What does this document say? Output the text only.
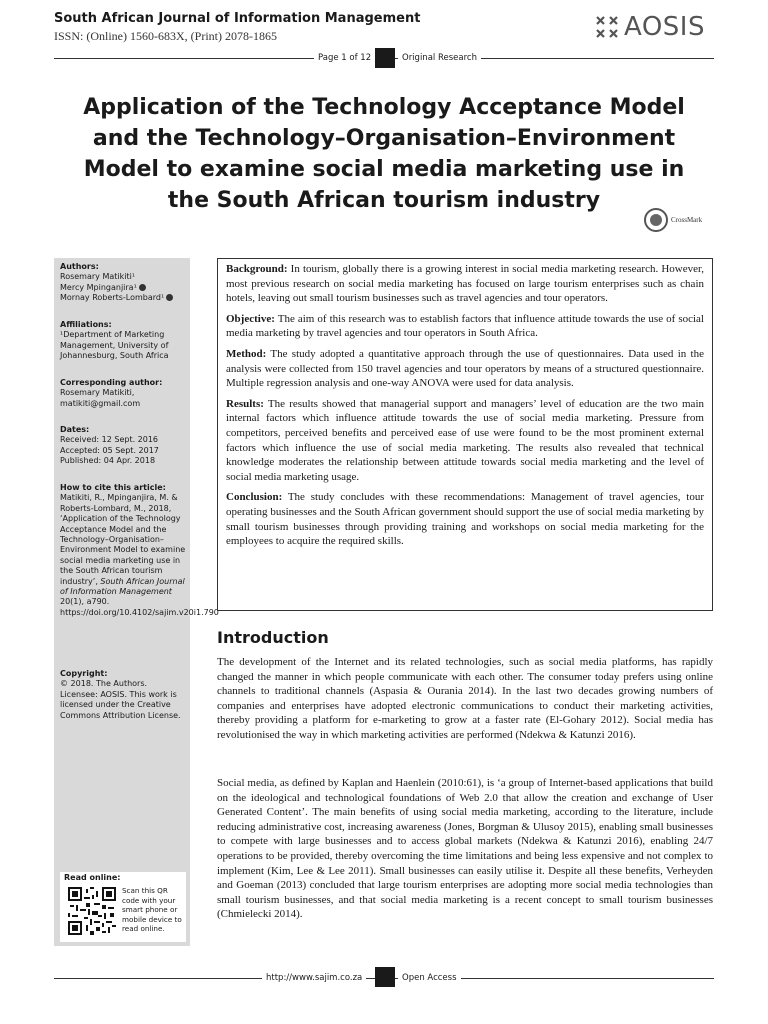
South African Journal of Information Management
ISSN: (Online) 1560-683X, (Print) 2078-1865	AOSIS
Page 1 of 12	Original Research
Application of the Technology Acceptance Model and the Technology–Organisation–Environment Model to examine social media marketing use in the South African tourism industry
CrossMark
Authors:
Rosemary Matikiti¹
Mercy Mpinganjira¹
Mornay Roberts-Lombard¹
Affiliations:
¹Department of Marketing Management, University of Johannesburg, South Africa
Corresponding author:
Rosemary Matikiti, matikiti@gmail.com
Dates:
Received: 12 Sept. 2016
Accepted: 05 Sept. 2017
Published: 04 Apr. 2018
How to cite this article:
Matikiti, R., Mpinganjira, M. & Roberts-Lombard, M., 2018, ‘Application of the Technology Acceptance Model and the Technology–Organisation–Environment Model to examine social media marketing use in the South African tourism industry’, South African Journal of Information Management 20(1), a790. https://doi.org/10.4102/sajim.v20i1.790
Copyright:
© 2018. The Authors. Licensee: AOSIS. This work is licensed under the Creative Commons Attribution License.
Read online:
Scan this QR code with your smart phone or mobile device to read online.

Background: In tourism, globally there is a growing interest in social media marketing research. However, most previous research on social media marketing has focused on large tourism enterprises such as chain hotels, leaving out small tourism businesses such as travel agencies and tour operators.

Objective: The aim of this research was to establish factors that influence attitude towards the use of social media marketing by travel agencies and tour operators in South Africa.

Method: The study adopted a quantitative approach through the use of questionnaires. Data used in the analysis were collected from 150 travel agencies and tour operators by means of a structured questionnaire. Multiple regression analysis and one-way ANOVA were used for data analysis.

Results: The results showed that managerial support and managers’ level of education are the two main internal factors which influence attitude towards the use of social media marketing. Pressure from competitors, perceived benefits and perceived ease of use were found to be the most prominent external factors which influence the use of social media marketing. The results also revealed that technical knowledge moderates the relationship between attitude towards social media marketing and the level of social media marketing usage.

Conclusion: The study concludes with these recommendations: Management of travel agencies, tour operating businesses and the South African government should support the use of social media marketing by small tourism businesses through providing training and workshops on social media marketing for the employees to acquire the required skills.

Introduction

The development of the Internet and its related technologies, such as social media platforms, has rapidly changed the manner in which people communicate with each other. The consumer today prefers using online channels to traditional channels (Aspasia & Ourania 2014). In the last two decades growing numbers of companies and enterprises have adopted electronic communications to conduct their marketing activities, thereby providing a platform for e-marketing to grow at a faster rate (El-Gohary 2012). Social media has revolutionised the way in which marketing activities are performed (Ndekwa & Katunzi 2016).

Social media, as defined by Kaplan and Haenlein (2010:61), is ‘a group of Internet-based applications that build on the ideological and technological foundations of Web 2.0 that allow the creation and exchange of User Generated Content’. The main benefits of using social media marketing, according to the literature, include reducing administrative cost, increasing awareness (Jones, Borgman & Ulusoy 2015), enabling small businesses to compete with large businesses and to access global markets (Ndekwa & Katunzi 2016), enabling 24/7 operations to be provided, thereby overcoming the time limitations and being less expensive and not complex to implement (Kim, Lee & Lee 2011). Small businesses can easily utilise it. Despite all these benefits, Verheyden and Goeman (2013) concluded that large tourism enterprises are adopting more social media technologies than small tourism businesses, and that social media marketing is a recent concept to small tourism businesses (Chmielecki 2014).

http://www.sajim.co.za	Open Access
